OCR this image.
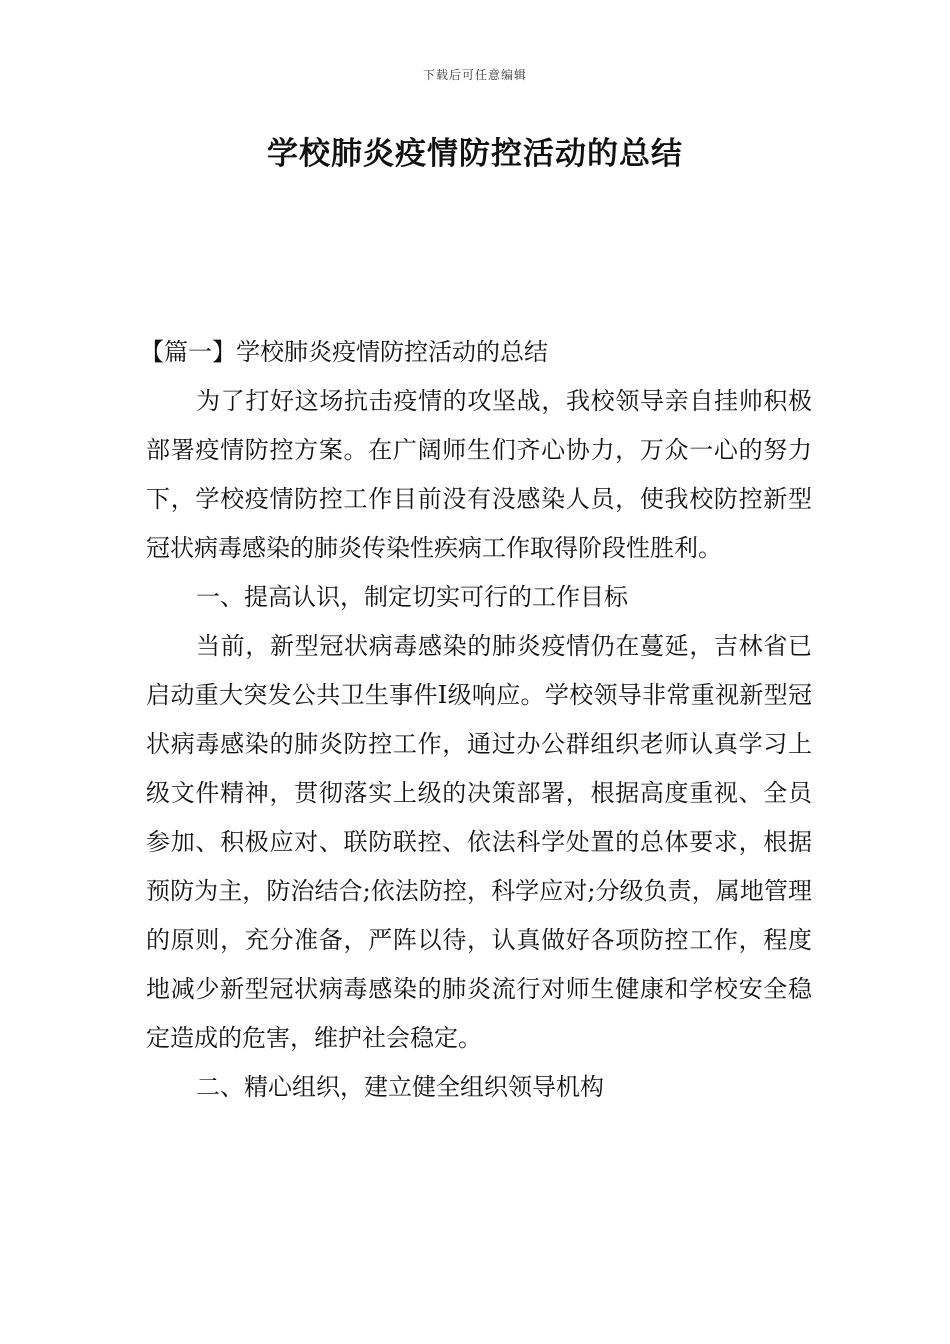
下载后可任意编辑
学校肺炎疫情防控活动的总结

【篇一】学校肺炎疫情防控活动的总结

为了打好这场抗击疫情的攻坚战，我校领导亲自挂帅积极部署疫情防控方案。在广阔师生们齐心协力，万众一心的努力下，学校疫情防控工作目前没有没感染人员，使我校防控新型冠状病毒感染的肺炎传染性疾病工作取得阶段性胜利。

一、提高认识，制定切实可行的工作目标

当前，新型冠状病毒感染的肺炎疫情仍在蔓延，吉林省已启动重大突发公共卫生事件Ⅰ级响应。学校领导非常重视新型冠状病毒感染的肺炎防控工作，通过办公群组织老师认真学习上级文件精神，贯彻落实上级的决策部署，根据高度重视、全员参加、积极应对、联防联控、依法科学处置的总体要求，根据预防为主，防治结合;依法防控，科学应对;分级负责，属地管理的原则，充分准备，严阵以待，认真做好各项防控工作，程度地减少新型冠状病毒感染的肺炎流行对师生健康和学校安全稳定造成的危害，维护社会稳定。

二、精心组织，建立健全组织领导机构
